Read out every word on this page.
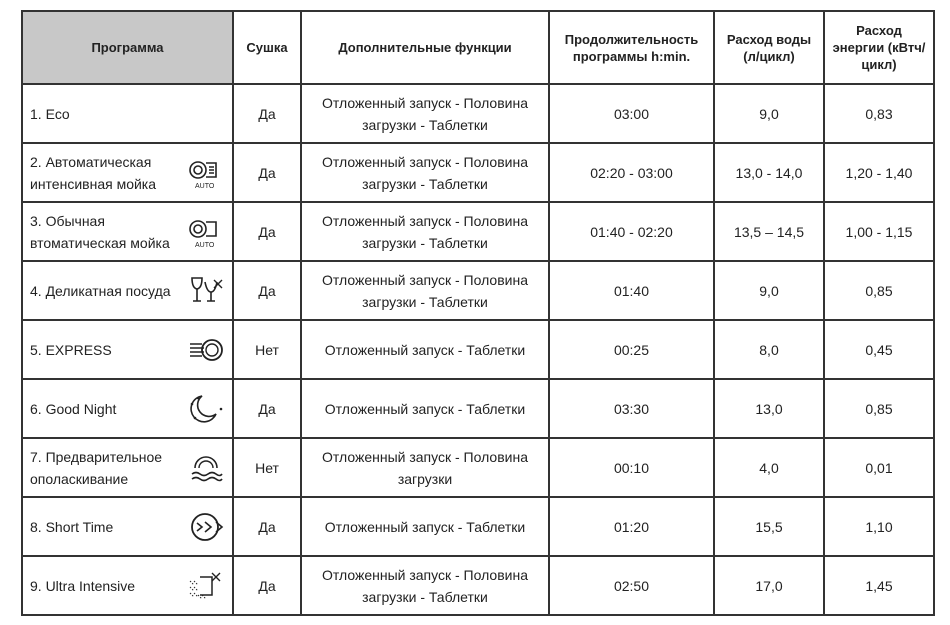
Программа	Сушка	Дополнительные функции	Продолжительность программы h:min.	Расход воды (л/цикл)	Расход энергии (кВтч/цикл)

1. Eco	Да	Отложенный запуск - Половина загрузки - Таблетки	03:00	9,0	0,83

2. Автоматическая интенсивная мойка AUTO	Да	Отложенный запуск - Половина загрузки - Таблетки	02:20 - 03:00	13,0 - 14,0	1,20 - 1,40

3. Обычная втоматическая мойка AUTO	Да	Отложенный запуск - Половина загрузки - Таблетки	01:40 - 02:20	13,5 – 14,5	1,00 - 1,15

4. Деликатная посуда	Да	Отложенный запуск - Половина загрузки - Таблетки	01:40	9,0	0,85

5. EXPRESS	Нет	Отложенный запуск - Таблетки	00:25	8,0	0,45

6. Good Night	Да	Отложенный запуск - Таблетки	03:30	13,0	0,85

7. Предварительное ополаскивание	Нет	Отложенный запуск - Половина загрузки	00:10	4,0	0,01

8. Short Time	Да	Отложенный запуск - Таблетки	01:20	15,5	1,10

9. Ultra Intensive	Да	Отложенный запуск - Половина загрузки - Таблетки	02:50	17,0	1,45
